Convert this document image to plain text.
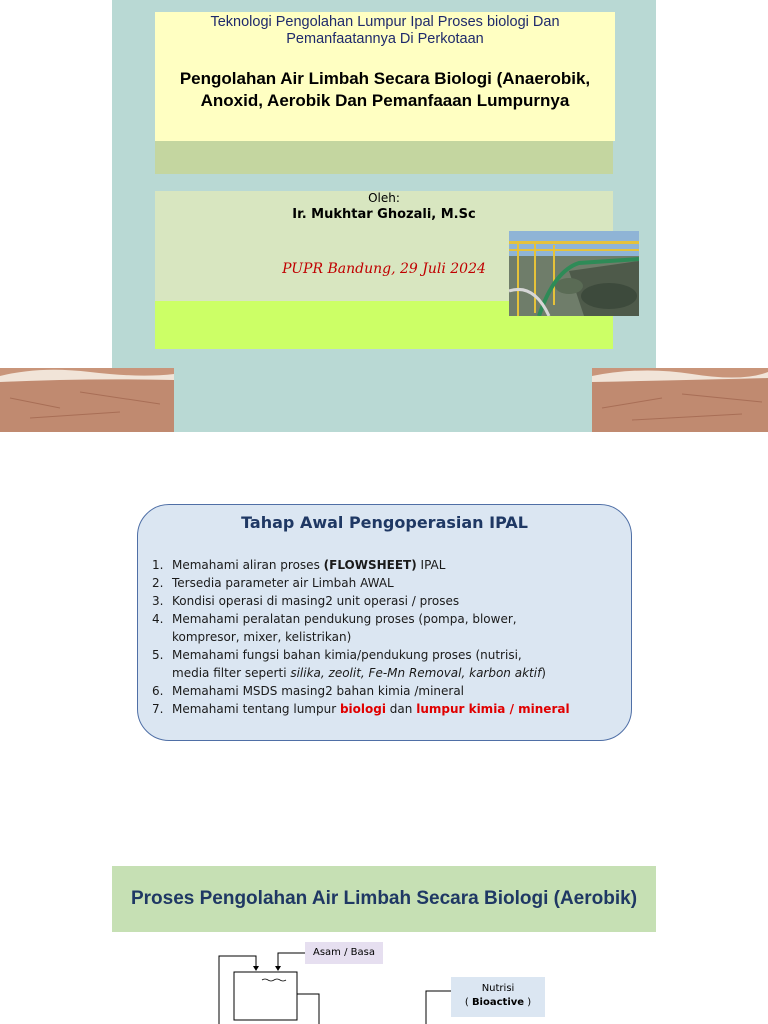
Teknologi Pengolahan Lumpur Ipal Proses biologi Dan Pemanfaatannya Di Perkotaan
Pengolahan Air Limbah Secara Biologi (Anaerobik,
Anoxid, Aerobik Dan Pemanfaaan Lumpurnya
Oleh:
Ir. Mukhtar Ghozali, M.Sc
PUPR Bandung, 29 Juli 2024
Tahap Awal Pengoperasian IPAL
1. Memahami aliran proses (FLOWSHEET) IPAL
2. Tersedia parameter air Limbah AWAL
3. Kondisi operasi di masing2 unit operasi / proses
4. Memahami peralatan pendukung proses (pompa, blower,
kompresor, mixer, kelistrikan)
5. Memahami fungsi bahan kimia/pendukung proses (nutrisi,
media filter seperti silika, zeolit, Fe-Mn Removal, karbon aktif)
6. Memahami MSDS masing2 bahan kimia /mineral
7. Memahami tentang lumpur biologi dan lumpur kimia / mineral
Proses Pengolahan Air Limbah Secara Biologi (Aerobik)
Asam / Basa
Nutrisi
( Bioactive )
